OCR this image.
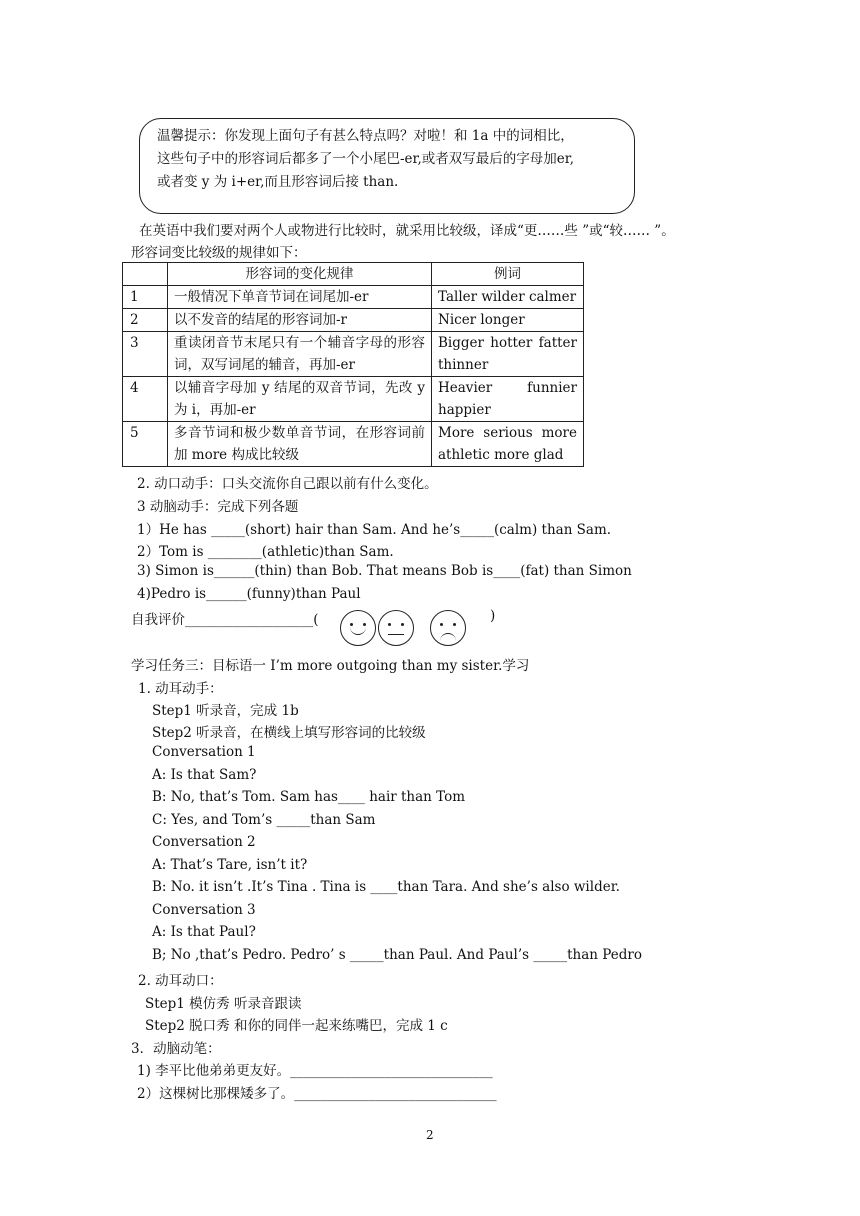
温馨提示：你发现上面句子有甚么特点吗？对啦！和 1a 中的词相比，
这些句子中的形容词后都多了一个小尾巴-er,或者双写最后的字母加er,
或者变 y 为 i+er,而且形容词后接 than.
在英语中我们要对两个人或物进行比较时，就采用比较级，译成“更……些 ”或“较…… ”。
形容词变比较级的规律如下：
	形容词的变化规律	例词
1	一般情况下单音节词在词尾加-er	Taller wilder calmer
2	以不发音的结尾的形容词加-r	Nicer longer
3	重读闭音节末尾只有一个辅音字母的形容词，双写词尾的辅音，再加-er	Bigger hotter fatter thinner
4	以辅音字母加 y 结尾的双音节词，先改 y 为 i，再加-er	Heavier funnier happier
5	多音节词和极少数单音节词，在形容词前加 more 构成比较级	More serious more athletic more glad
2. 动口动手：口头交流你自己跟以前有什么变化。
3 动脑动手：完成下列各题
1）He has _____(short) hair than Sam. And he’s_____(calm) than Sam.
2）Tom is ________(athletic)than Sam.
3) Simon is______(thin) than Bob. That means Bob is____(fat) than Simon
4)Pedro is______(funny)than Paul
自我评价___________________(	)
学习任务三：目标语一 I’m more outgoing than my sister.学习
1. 动耳动手：
Step1 听录音，完成 1b
Step2 听录音，在横线上填写形容词的比较级
Conversation 1
A: Is that Sam?
B: No, that’s Tom. Sam has____ hair than Tom
C: Yes, and Tom’s _____than Sam
Conversation 2
A: That’s Tare, isn’t it?
B: No. it isn’t .It’s Tina . Tina is ____than Tara. And she’s also wilder.
Conversation 3
A: Is that Paul?
B; No ,that’s Pedro. Pedro’ s _____than Paul. And Paul’s _____than Pedro
2. 动耳动口：
Step1 模仿秀 听录音跟读
Step2 脱口秀 和你的同伴一起来练嘴巴，完成 1 c
3．动脑动笔：
1) 李平比他弟弟更友好。______________________________
2）这棵树比那棵矮多了。______________________________
2
